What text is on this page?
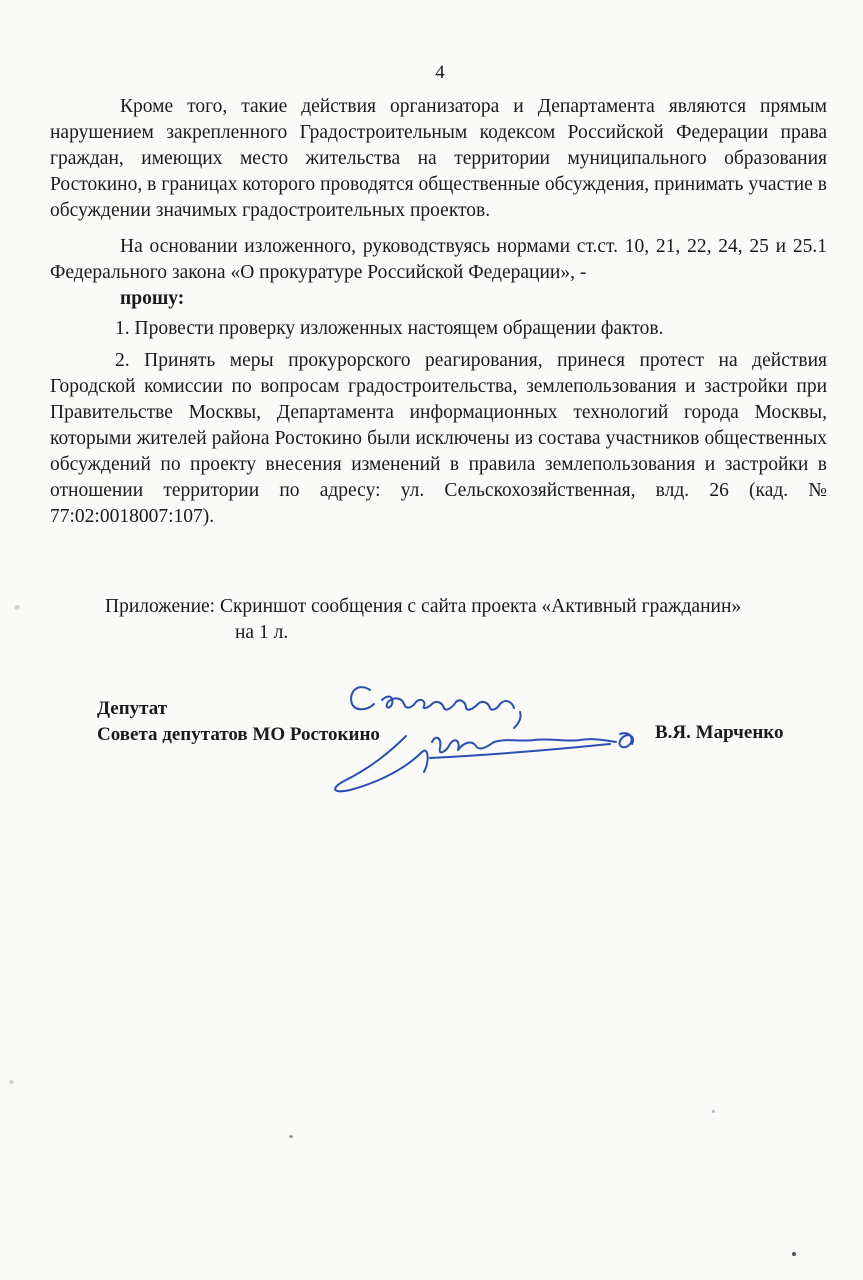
4

Кроме того, такие действия организатора и Департамента являются прямым нарушением закрепленного Градостроительным кодексом Российской Федерации права граждан, имеющих место жительства на территории муниципального образования Ростокино, в границах которого проводятся общественные обсуждения, принимать участие в обсуждении значимых градостроительных проектов.

На основании изложенного, руководствуясь нормами ст.ст. 10, 21, 22, 24, 25 и 25.1 Федерального закона «О прокуратуре Российской Федерации», -

прошу:

1. Провести проверку изложенных настоящем обращении фактов.

2. Принять меры прокурорского реагирования, принеся протест на действия Городской комиссии по вопросам градостроительства, землепользования и застройки при Правительстве Москвы, Департамента информационных технологий города Москвы, которыми жителей района Ростокино были исключены из состава участников общественных обсуждений по проекту внесения изменений в правила землепользования и застройки в отношении территории по адресу: ул. Сельскохозяйственная, влд. 26 (кад. № 77:02:0018007:107).

Приложение: Скриншот сообщения с сайта проекта «Активный гражданин»
на 1 л.
Депутат
Совета депутатов МО Ростокино	В.Я. Марченко
